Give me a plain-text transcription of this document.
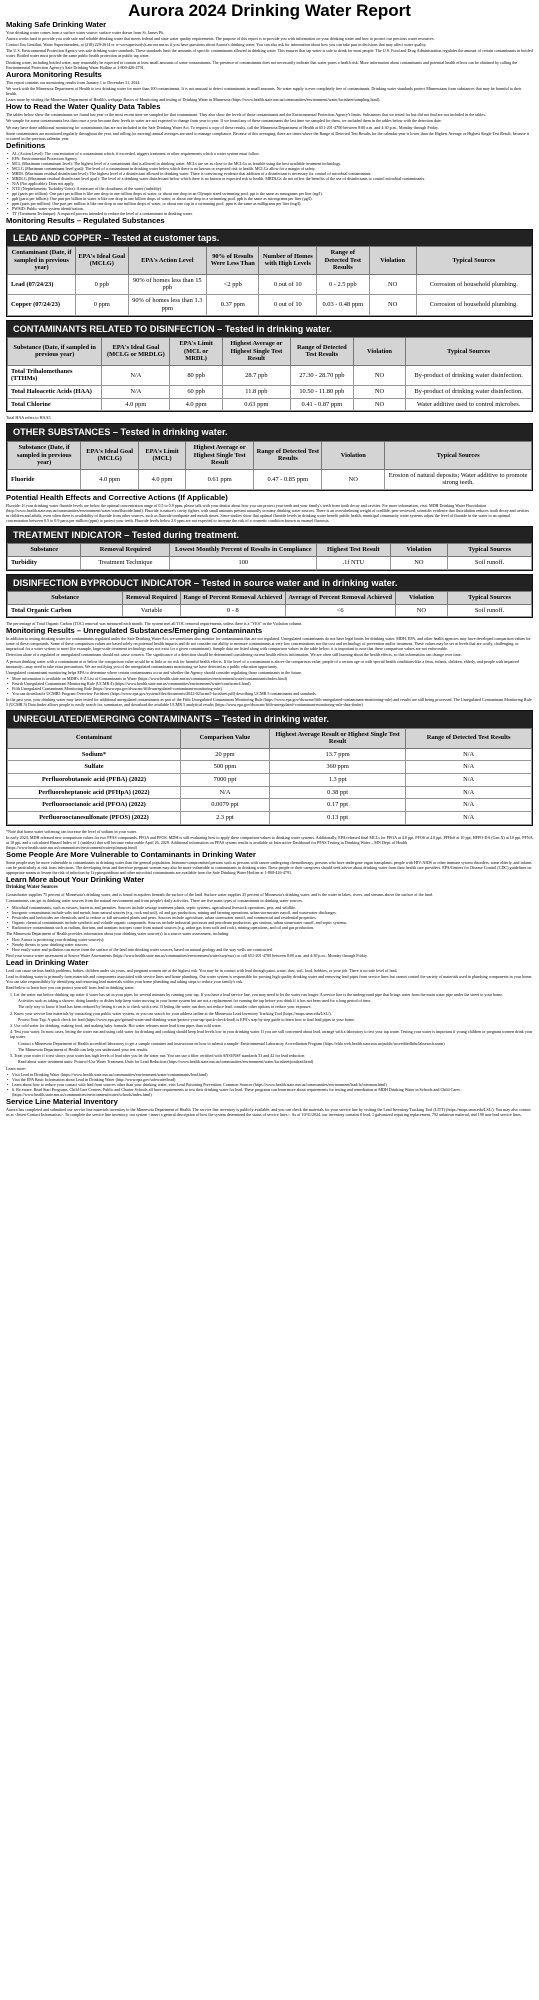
Aurora 2024 Drinking Water Report
Making Safe Drinking Water

Your drinking water comes from a surface water source: surface water drawn from St. James Pit.

Aurora works hard to provide you with safe and reliable drinking water that meets federal and state water quality requirements. The purpose of this report is to provide you with information on your drinking water and how to protect our precious water resources.

Contact Jim Gentilini, Water Superintendent, at (218) 229-2614 or w-wwsuperisor(s)i.aurora.mn.us if you have questions about Aurora's drinking water. You can also ask for information about how you can take part in decisions that may affect water quality.

The U.S. Environmental Protection Agency sets safe drinking water standards. These standards limit the amounts of specific contaminants allowed in drinking water. This ensures that tap water is safe to drink for most people. The U.S. Food and Drug Administration regulates the amount of certain contaminants in bottled water. Bottled water must provide the same public health protection as public tap water.

Drinking water, including bottled water, may reasonably be expected to contain at least small amounts of some contaminants. The presence of contaminants does not necessarily indicate that water poses a health risk. More information about contaminants and potential health effects can be obtained by calling the Environmental Protection Agency's Safe Drinking Water Hotline at 1-800-426-4791.

Aurora Monitoring Results

This report contains our monitoring results from January 1 to December 31, 2024.

We work with the Minnesota Department of Health to test drinking water for more than 100 contaminants. It is not unusual to detect contaminants in small amounts. No water supply is ever completely free of contaminants. Drinking water standards protect Minnesotans from substances that may be harmful to their health.

Learn more by visiting the Minnesota Department of Health's webpage Basics of Monitoring and testing of Drinking Water in Minnesota (https://www.health.state.mn.us/communities/environment/water/factsheet/sampling.html).

How to Read the Water Quality Data Tables

The tables below show the contaminants we found last year or the most recent time we sampled for that contaminant. They also show the levels of those contaminants and the Environmental Protection Agency's limits. Substances that we tested for but did not find are not included in the tables.

We sample for some contaminants less than once a year because their levels in water are not expected to change from year to year. If we found any of these contaminants the last time we sampled for them, we included them in the tables below with the detection date.

We may have done additional monitoring for contaminants that are not included in the Safe Drinking Water Act. To request a copy of these results, call the Minnesota Department of Health at 651-201-4700 between 8:00 a.m. and 4:30 p.m., Monday through Friday.

Some contaminants are monitored regularly throughout the year, and rolling (or moving) annual averages are used to manage compliance. Because of this averaging, there are times where the Range of Detected Test Results for the calendar year is lower than the Highest Average or Highest Single Test Result, because it occurred in the previous calendar year.

Definitions
• AL (Action Level): The concentration of a contaminant which, if exceeded, triggers treatment or other requirements which a water system must follow.
• EPA: Environmental Protection Agency
• MCL (Maximum contaminant level): The highest level of a contaminant that is allowed in drinking water. MCLs are set as close to the MCLGs as feasible using the best available treatment technology.
• MCLG (Maximum contaminant level goal): The level of a contaminant in drinking water below which there is no known or expected risk to health. MCLGs allow for a margin of safety.
• MRDL (Maximum residual disinfectant level): The highest level of a disinfectant allowed in drinking water. There is convincing evidence that addition of a disinfectant is necessary for control of microbial contaminants.
• MRDLG (Maximum residual disinfectant level goal): The level of a drinking water disinfectant below which there is no known or expected risk to health. MRDLGs do not reflect the benefits of the use of disinfectants to control microbial contaminants.
• N/A (Not applicable): Does not apply.
• NTU (Nephelometric Turbidity Units): A measure of the cloudiness of the water (turbidity).
• ppt (parts per trillion): One part per trillion is like one drop in one trillion drops of water, or about one drop in an Olympic sized swimming pool. ppt is the same as nanograms per liter (ng/l).
• ppb (parts per billion): One part per billion in water is like one drop in one billion drops of water, or about one drop in a swimming pool. ppb is the same as micrograms per liter (μg/l).
• ppm (parts per million): One part per million is like one drop in one million drops of water, or about one cup in a swimming pool. ppm is the same as milligrams per liter (mg/l).
• PWSID: Public water system identification.
• TT (Treatment Technique): A required process intended to reduce the level of a contaminant in drinking water.
Monitoring Results – Regulated Substances
LEAD AND COPPER – Tested at customer taps.
Contaminant (Date, if sampled in previous year)	EPA's Ideal Goal (MCLG)	EPA's Action Level	90% of Results Were Less Than	Number of Homes with High Levels	Range of Detected Test Results	Violation	Typical Sources
Lead (07/24/23)	0 ppb	90% of homes less than 15 ppb	<2 ppb	0 out of 10	0 - 2.5 ppb	NO	Corrosion of household plumbing.
Copper (07/24/23)	0 ppm	90% of homes less than 1.3 ppm	0.37 ppm	0 out of 10	0.03 - 0.48 ppm	NO	Corrosion of household plumbing.
CONTAMINANTS RELATED TO DISINFECTION – Tested in drinking water.
Substance (Date, if sampled in previous year)	EPA's Ideal Goal (MCLG or MRDLG)	EPA's Limit (MCL or MRDL)	Highest Average or Highest Single Test Result	Range of Detected Test Results	Violation	Typical Sources
Total Trihalomethanes (TTHMs)	N/A	80 ppb	28.7 ppb	27.30 - 28.70 ppb	NO	By-product of drinking water disinfection.
Total Haloacetic Acids (HAA)	N/A	60 ppb	11.8 ppb	10.50 - 11.80 ppb	NO	By-product of drinking water disinfection.
Total Chlorine	4.0 ppm	4.0 ppm	0.63 ppm	0.41 - 0.87 ppm	NO	Water additive used to control microbes.

Total HAA refers to HAA5

OTHER SUBSTANCES – Tested in drinking water.
Substance (Date, if sampled in previous year)	EPA's Ideal Goal (MCLG)	EPA's Limit (MCL)	Highest Average or Highest Single Test Result	Range of Detected Test Results	Violation	Typical Sources
Fluoride	4.0 ppm	4.0 ppm	0.61 ppm	0.47 - 0.85 ppm	NO	Erosion of natural deposits; Water additive to promote strong teeth.
Potential Health Effects and Corrective Actions (If Applicable)

Fluoride: If your drinking water fluoride levels are below the optimal concentration range of 0.5 to 0.9 ppm, please talk with your dentist about how you can protect your teeth and your family's teeth from tooth decay and cavities. For more information, visit: MDH Drinking Water Fluoridation (http://www.health.state.mn.us/communities/environment/water/com/fluoride.html). Fluoride is nature's cavity fighter, with small amounts present naturally in many drinking water sources. There is an overwhelming weight of credible, peer-reviewed, scientific evidence that fluoridation reduces tooth decay and cavities in children and adults, even when there is availability of fluoride from other sources, such as fluoride toothpaste and mouth rinses. Since studies show that optimal fluoride levels in drinking water benefit public health, municipal community water systems adjust the level of fluoride in the water to an optimal concentration between 0.5 to 0.9 parts per million (ppm) to protect your teeth. Fluoride levels below 2.0 ppm are not expected to increase the risk of a cosmetic condition known as enamel fluorosis.

TREATMENT INDICATOR – Tested during treatment.
Substance	Removal Required	Lowest Monthly Percent of Results in Compliance	Highest Test Result	Violation	Typical Sources
Turbidity	Treatment Technique	100	.1f NTU	NO	Soil runoff.
DISINFECTION BYPRODUCT INDICATOR – Tested in source water and in drinking water.
Substance	Removal Required	Range of Percent Removal Achieved	Average of Percent Removal Achieved	Violation	Typical Sources
Total Organic Carbon	Variable	0 - 8	<6	NO	Soil runoff.

The percentage of Total Organic Carbon (TOC) removal was measured each month. The system met all TOC removal requirements, unless there is a "YES" in the Violation column.

Monitoring Results – Unregulated Substances/Emerging Contaminants

In addition to testing drinking water for contaminants regulated under the Safe Drinking Water Act, we sometimes also monitor for contaminants that are not regulated. Unregulated contaminants do not have legal limits for drinking water. MDH, EPA, and other health agencies may have developed comparison values for some of these compounds. Some of these comparison values are based solely on potential health impacts and do not consider our ability to measure contaminants at very low concentrations nor the cost and technology of prevention and/or treatment. These values may be set at levels that are costly, challenging, or impractical for a water system to meet (for example, large-scale treatment technology may not exist for a given contaminant). Sample data are listed along with comparison values in the table below; it is important to note that these comparison values are not enforceable.

Detection alone of a regulated or unregulated contaminant should not cause concern. The significance of a detection should be determined considering current health effects information. We are often still learning about the health effects, so this information can change over time.

A person drinking water with a contaminant at or below the comparison value would be at little or no risk for harmful health effects. If the level of a contaminant is above the comparison value, people of a certain age or with special health conditions-like a fetus, infants, children, elderly, and people with impaired immunity—may need to take extra precautions. We are notifying you of the unregulated contaminants monitoring we have detected as a public education opportunity.

Unregulated contaminant monitoring helps EPA to determine where certain contaminants occur and whether the Agency should consider regulating those contaminants in the future.

• More information is available on MDH's A-Z List of Contaminants in Water (https://www.health.state.mn.us/communities/environment/water/contaminants/index.html)
• Fourth Unregulated Contaminant Monitoring Rule (UCMR 4) (https://www.health.state.mn.us/communities/environment/water/com/ucmr4.html)
• Fifth Unregulated Contaminant Monitoring Rule (https://www.epa.gov/dwucmr/fifth-unregulated-contaminant-monitoring-rule)
• You can download a UCMR5 Program Overview Factsheet (https://www.epa.gov/system/files/documents/2022-02/ucmr5-factsheet.pdf) describing UCMR 5 contaminants and standards.

In the past year, your drinking water may have tested for additional unregulated contaminants as part of the Fifth Unregulated Contaminant Monitoring Rule (https://www.epa.gov/dwucmr/fifth-unregulated-contaminant-monitoring-rule) and results are still being processed. The Unregulated Contaminant Monitoring Rule 5 (UCMR 5) Data finder allows people to easily search for, summarize, and download the available UCMR 5 analytical results (https://www.epa.gov/dwucmr/fifth-unregulated-contaminant-monitoring-rule-data-finder)

UNREGULATED/EMERGING CONTAMINANTS – Tested in drinking water.
Contaminant	Comparison Value	Highest Average Result or Highest Single Test Result	Range of Detected Test Results
Sodium*	20 ppm	13.7 ppm	N/A
Sulfate	500 ppm	360 ppm	N/A
Perfluorobutanoic acid (PFBA) (2022)	7000 ppt	1.3 ppt	N/A
Perfluoroheptanoic acid (PFHpA) (2022)	N/A	0.38 ppt	N/A
Perfluorooctanoic acid (PFOA) (2022)	0.0079 ppt	0.17 ppt	N/A
Perfluorooctanesulfonate (PFOS) (2022)	2.3 ppt	0.13 ppt	N/A

*Note that home water softening can increase the level of sodium in your water.

In early 2024, MDH released new comparison values for two PFAS compounds, PFOA and PFOS. MDH is still evaluating how to apply these comparison values to drinking water systems. Additionally, EPA released final MCLs for PFOA at 4.0 ppt, PFOS at 4.0 ppt, PFHxS at 10 ppt, HFPO-DA (Gen X) at 10 ppt, PFNA at 10 ppt, and a calculated Hazard Index of 1 (unitless) that will become enforceable April 26, 2029. Additional information on PFAS system results is available at: Interactive Dashboard for PFAS Testing in Drinking Water – MN Dept. of Health (https://www.health.state.mn.us/communities/environment/water/pfasmap.html)

Some People Are More Vulnerable to Contaminants in Drinking Water

Some people may be more vulnerable to contaminants in drinking water than the general population. Immuno-compromised persons such as persons with cancer undergoing chemotherapy, persons who have undergone organ transplants, people with HIV/AIDS or other immune system disorders, some elderly, and infants can be particularly at risk from infections. The developing fetus and therefore pregnant women may also be more vulnerable to contaminants in drinking water. These people or their caregivers should seek advice about drinking water from their health care providers. EPA/Centers for Disease Control (CDC) guidelines on appropriate means to lessen the risk of infection by Cryptosporidium and other microbial contaminants are available from the Safe Drinking Water Hotline at 1-800-426-4791.

Learn More about Your Drinking Water

Drinking Water Sources

Groundwater supplies 75 percent of Minnesota's drinking water, and is found in aquifers beneath the surface of the land. Surface water supplies 25 percent of Minnesota's drinking water, and is the water in lakes, rivers, and streams above the surface of the land.

Contaminants can get in drinking water sources from the natural environment and from people's daily activities. There are five main types of contaminants in drinking water sources.

• Microbial contaminants, such as viruses, bacteria, and parasites. Sources include sewage treatment plants, septic systems, agricultural livestock operations, pets, and wildlife.
• Inorganic contaminants include salts and metals from natural sources (e.g. rock and soil), oil and gas production, mining and farming operations, urban stormwater runoff, and wastewater discharges.
• Pesticides and herbicides are chemicals used to reduce or kill unwanted plants and pests. Sources include agriculture, urban stormwater runoff, and commercial and residential properties.
• Organic chemical contaminants include synthetic and volatile organic compounds. Sources include industrial processes and petroleum production, gas stations, urban stormwater runoff, and septic systems.
• Radioactive contaminants such as radium, thorium, and uranium isotopes come from natural sources (e.g. radon gas from soils and rock), mining operations, and oil and gas production.

The Minnesota Department of Health provides information about your drinking water source(s) in a source water assessment, including:

• How Aurora is protecting your drinking water source(s);
• Nearby threats to your drinking water sources;
• How easily water and pollution can move from the surface of the land into drinking water sources, based on natural geology and the way wells are constructed.

Find your source water assessment at Source Water Assessments (https://www.health.state.mn.us/communities/environment/water/swp/swa) or call 651-201-4700 between 8:00 a.m. and 4:30 p.m., Monday through Friday.

Lead in Drinking Water

Lead can cause serious health problems, babies, children under six years, and pregnant women are at the highest risk. You may be in contact with lead through paint, water, dust, soil, food, hobbies, or your job. There is no safe level of lead.

Lead in drinking water is primarily from materials and components associated with service lines and home plumbing. Our water system is responsible for proving high quality drinking water and removing lead pipes from service lines but cannot control the variety of materials used in plumbing components in your home. You can take responsibility by identifying and removing lead materials within your home plumbing and taking steps to reduce your family's risk.

Read below to learn how you can protect yourself from lead in drinking water.

1. Let the water run before drinking tap water if water has sat in your pipes for several minutes by running your tap. If you have a lead service line, you may need to let the water run longer. A service line is the underground pipe that brings water from the main water pipe under the street to your home.

Activities such as taking a shower, doing laundry or dishes help keep water moving in your home system but are not a replacement for running the tap before you drink if it has not been used for a long period of time.

The only way to know if lead has been reduced by letting it run is to check with a test. If letting the water run does not reduce lead, consider other options to reduce your exposure.

2. Know your service line materials by contacting your public water system, or you can search for your address online at the Minnesota Lead Inventory Tracking Tool (https://maps.umn.edu/LSL/).

Protect Your Tap: A quick check for lead (https://www.epa.gov/ground-water-and-drinking-water/protect-your-tap-quick-check-lead) is EPA's step by step guide to learn how to find lead pipes in your home.

3. Use cold water for drinking, making food, and making baby formula. Hot water releases more lead from pipes than cold water.

4. Test your water. In most cases, letting the water run and using cold water for drinking and cooking should keep lead levels low in your drinking water. If you are still concerned about lead, arrange with a laboratory to test your tap water. Testing your water is important if young children or pregnant women drink your tap water.

Contact a Minnesota Department of Health accredited laboratory to get a sample container and instructions on how to submit a sample: Environmental Laboratory Accreditation Program (https://eldo.web.health.state.mn.us/public/accreditedlabs/labsearch.seam)

The Minnesota Department of Health can help you understand your test results.

5. Treat your water if a test shows your water has high levels of lead after you let the water run. You can use a filter certified with ANSI/NSF standards 53 and 42 for lead reduction

Read about water treatment units: Point-of-Use Water Treatment Units for Lead Reduction (https://www.health.state.mn.us/communities/environment/water/factsheet/poulead.html)

Learn more:

• Visit Lead in Drinking Water (https://www.health.state.mn.us/communities/environment/water/contaminants/lead.html)
• Visit the EPA Basic Information about Lead in Drinking Water (http://www.epa.gov/safewater/lead)
• Learn about how to reduce your contact with lead from sources other than your drinking water, visit Lead Poisoning Prevention: Common Sources (https://www.health.state.mn.us/communities/environment/lead/fs/common.html)
• 6. Be aware: Read Start Programs, Child Care Centers, Public and Charter Schools all have requirements to test their drinking water for lead. These programs can learn more about requirements for testing and remediation at MDH Drinking Water in Schools and Child Cares (https://www.health.state.mn.us/communities/environment/water/schools/index.html)
Service Line Material Inventory

Aurora has completed and submitted our service line materials inventory to the Minnesota Department of Health. The service line inventory is publicly available, and you can check the materials for your service line by visiting the Lead Inventory Tracking Tool (LITT) (https://maps.umn.edu/LSL/). You may also contact us at <Insert Contact Information>. To complete the service line inventory, our system <insert a general description of how the system determined the status of service lines>. As of 10/31/2024, our inventory contains 0 lead, 1 galvanized requiring replacement, 792 unknown material, and 190 non-lead service lines.
